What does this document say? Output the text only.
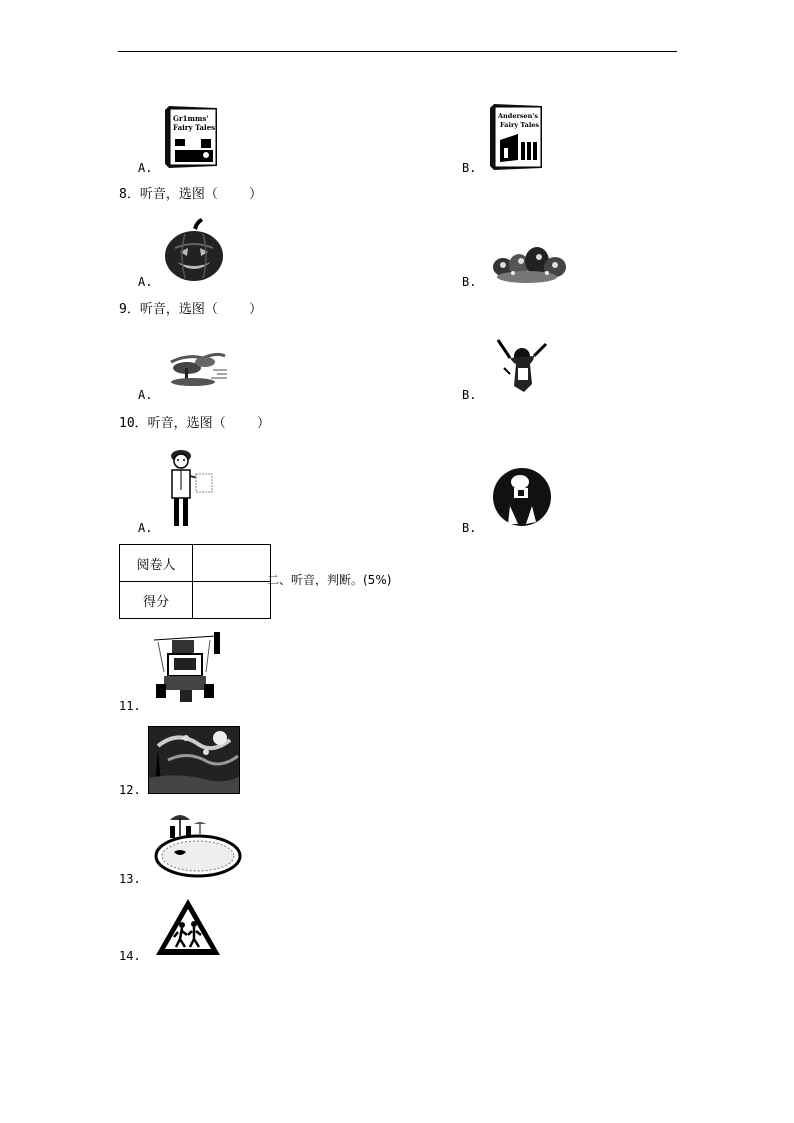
Gr1mms'
Fairy Tales
A.
Andersen's
Fairy Tales
B.
8．听音，选图（    ）
A.	B.
9．听音，选图（    ）
A.	B.
10．听音，选图（    ）
A.	B.
阅卷人	
得分	
二、听音，判断。(5%)
11.
12.
13.
14.
